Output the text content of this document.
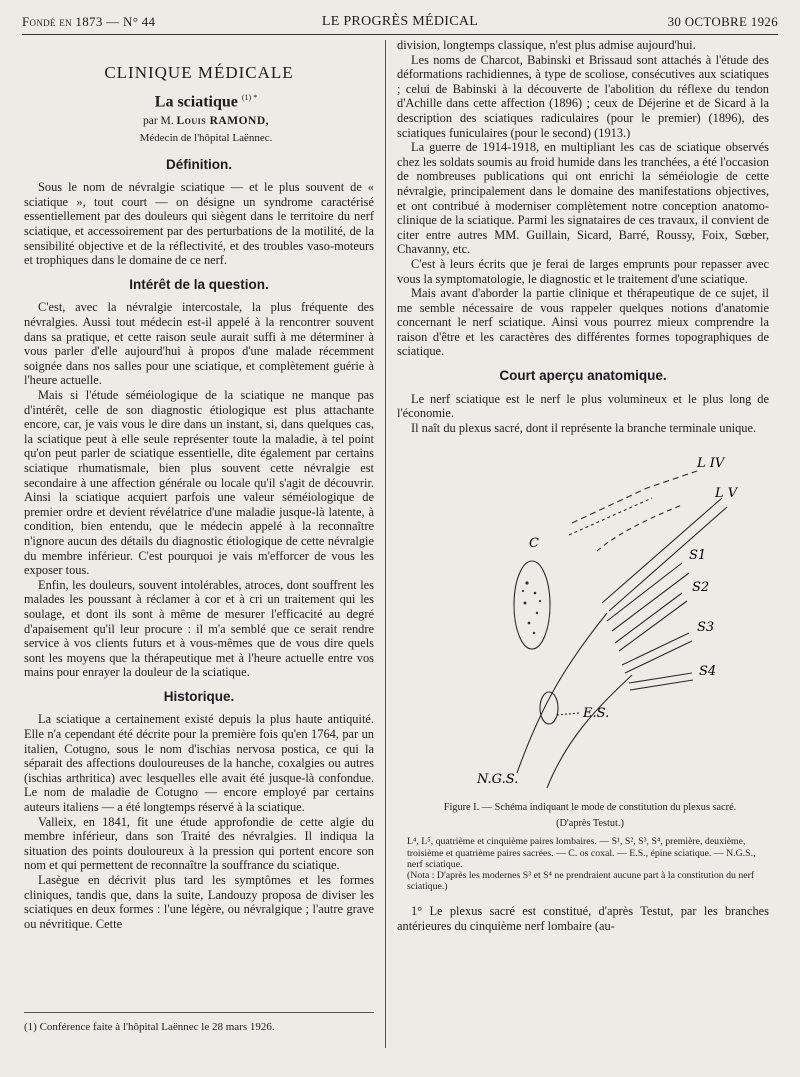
Fondé en 1873 — N° 44	LE PROGRÈS MÉDICAL	30 OCTOBRE 1926
CLINIQUE MÉDICALE

La sciatique $^{(1) *}$

par M. Louis RAMOND,

Médecin de l'hôpital Laënnec.

Définition.

Sous le nom de névralgie sciatique — et le plus souvent de « sciatique », tout court — on désigne un syndrome caractérisé essentiellement par des douleurs qui siègent dans le territoire du nerf sciatique, et accessoirement par des perturbations de la motilité, de la sensibilité objective et de la réflectivité, et des troubles vaso-moteurs et trophiques dans le domaine de ce nerf.

Intérêt de la question.

C'est, avec la névralgie intercostale, la plus fréquente des névralgies. Aussi tout médecin est-il appelé à la rencontrer souvent dans sa pratique, et cette raison seule aurait suffi à me déterminer à vous parler d'elle aujourd'hui à propos d'une malade récemment soignée dans nos salles pour une sciatique, et complètement guérie à l'heure actuelle.

Mais si l'étude séméiologique de la sciatique ne manque pas d'intérêt, celle de son diagnostic étiologique est plus attachante encore, car, je vais vous le dire dans un instant, si, dans quelques cas, la sciatique peut à elle seule représenter toute la maladie, à tel point qu'on peut parler de sciatique essentielle, dite également par certains sciatique rhumatismale, bien plus souvent cette névralgie est secondaire à une affection générale ou locale qu'il s'agit de découvrir. Ainsi la sciatique acquiert parfois une valeur séméiologique de premier ordre et devient révélatrice d'une maladie jusque-là latente, à condition, bien entendu, que le médecin appelé à la reconnaître n'ignore aucun des détails du diagnostic étiologique de cette névralgie du membre inférieur. C'est pourquoi je vais m'efforcer de vous les exposer tous.

Enfin, les douleurs, souvent intolérables, atroces, dont souffrent les malades les poussant à réclamer à cor et à cri un traitement qui les soulage, et dont ils sont à même de mesurer l'efficacité au degré d'apaisement qu'il leur procure : il m'a semblé que ce serait rendre service à vos clients futurs et à vous-mêmes que de vous dire quels sont les moyens que la thérapeutique met à l'heure actuelle entre vos mains pour enrayer la douleur de la sciatique.

Historique.

La sciatique a certainement existé depuis la plus haute antiquité. Elle n'a cependant été décrite pour la première fois qu'en 1764, par un italien, Cotugno, sous le nom d'ischias nervosa postica, ce qui la séparait des affections douloureuses de la hanche, coxalgies ou autres (ischias arthritica) avec lesquelles elle avait été jusque-là confondue. Le nom de maladie de Cotugno — encore employé par certains auteurs italiens — a été longtemps réservé à la sciatique.

Valleix, en 1841, fit une étude approfondie de cette algie du membre inférieur, dans son Traité des névralgies. Il indiqua la situation des points douloureux à la pression qui portent encore son nom et qui permettent de reconnaître la souffrance du sciatique.

Lasègue en décrivit plus tard les symptômes et les formes cliniques, tandis que, dans la suite, Landouzy proposa de diviser les sciatiques en deux formes : l'une légère, ou névralgique ; l'autre grave ou névritique. Cette

(1) Conférence faite à l'hôpital Laënnec le 28 mars 1926.

division, longtemps classique, n'est plus admise aujourd'hui.

Les noms de Charcot, Babinski et Brissaud sont attachés à l'étude des déformations rachidiennes, à type de scoliose, consécutives aux sciatiques ; celui de Babinski à la découverte de l'abolition du réflexe du tendon d'Achille dans cette affection (1896) ; ceux de Déjerine et de Sicard à la description des sciatiques radiculaires (pour le premier) (1896), des sciatiques funiculaires (pour le second) (1913.)

La guerre de 1914-1918, en multipliant les cas de sciatique observés chez les soldats soumis au froid humide dans les tranchées, a été l'occasion de nombreuses publications qui ont enrichi la séméiologie de cette névralgie, principalement dans le domaine des manifestations objectives, et ont contribué à moderniser complètement notre conception anatomo-clinique de la sciatique. Parmi les signataires de ces travaux, il convient de citer entre autres MM. Guillain, Sicard, Barré, Roussy, Foix, Sœber, Chavanny, etc.

C'est à leurs écrits que je ferai de larges emprunts pour repasser avec vous la symptomatologie, le diagnostic et le traitement d'une sciatique.

Mais avant d'aborder la partie clinique et thérapeutique de ce sujet, il me semble nécessaire de vous rappeler quelques notions d'anatomie concernant le nerf sciatique. Ainsi vous pourrez mieux comprendre la raison d'être et les caractères des différentes formes topographiques de sciatique.

Court aperçu anatomique.

Le nerf sciatique est le nerf le plus volumineux et le plus long de l'économie.

Il naît du plexus sacré, dont il représente la branche terminale unique.

L IV
L V
S1
S2
S3
S4
C
E.S.
N.G.S.

Figure I. — Schéma indiquant le mode de constitution du plexus sacré.

(D'après Testut.)

L⁴, L⁵, quatrième et cinquième paires lombaires. — S¹, S², S³, S⁴, première, deuxième, troisième et quatrième paires sacrées. — C. os coxal. — E.S., épine sciatique. — N.G.S., nerf sciatique.

(Nota : D'après les modernes S³ et S⁴ ne prendraient aucune part à la constitution du nerf sciatique.)

1° Le plexus sacré est constitué, d'après Testut, par les branches antérieures du cinquième nerf lombaire (au-
